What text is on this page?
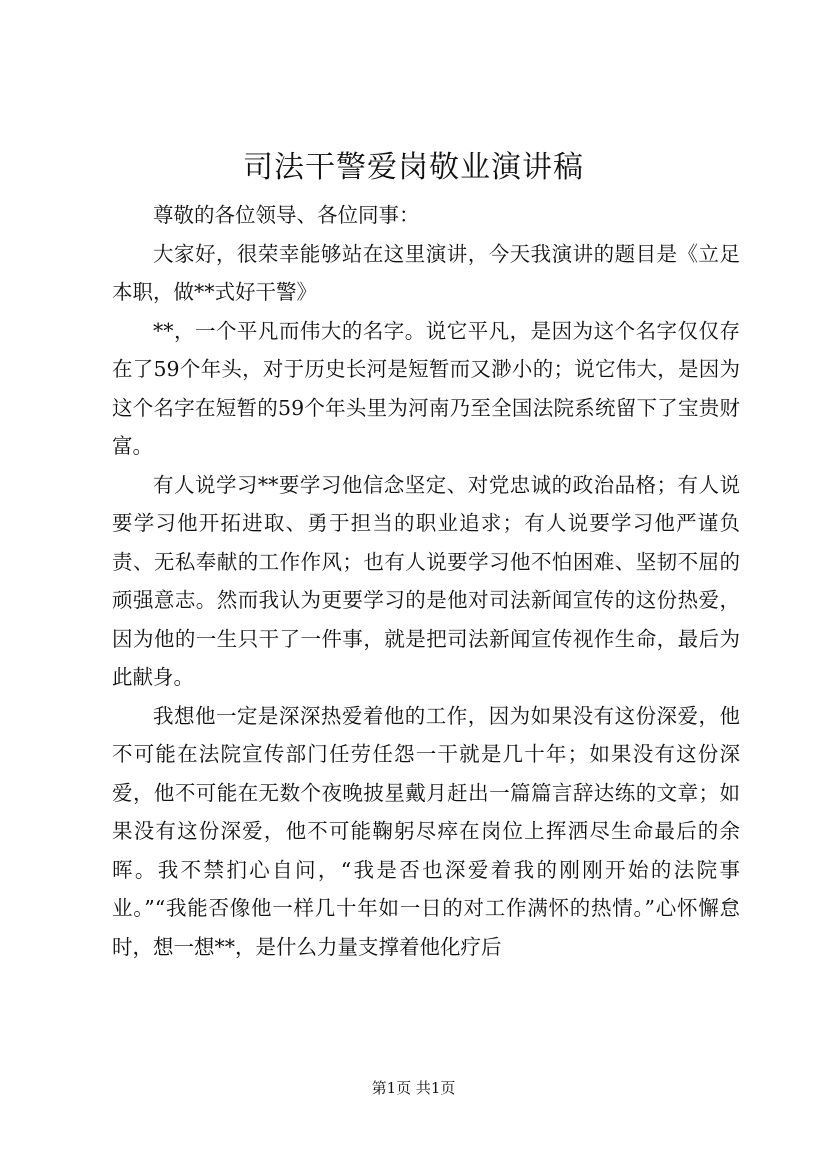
司法干警爱岗敬业演讲稿

尊敬的各位领导、各位同事：

大家好，很荣幸能够站在这里演讲，今天我演讲的题目是《立足本职，做**式好干警》

**，一个平凡而伟大的名字。说它平凡，是因为这个名字仅仅存在了59个年头，对于历史长河是短暂而又渺小的；说它伟大，是因为这个名字在短暂的59个年头里为河南乃至全国法院系统留下了宝贵财富。

有人说学习**要学习他信念坚定、对党忠诚的政治品格；有人说要学习他开拓进取、勇于担当的职业追求；有人说要学习他严谨负责、无私奉献的工作作风；也有人说要学习他不怕困难、坚韧不屈的顽强意志。然而我认为更要学习的是他对司法新闻宣传的这份热爱，因为他的一生只干了一件事，就是把司法新闻宣传视作生命，最后为此献身。

我想他一定是深深热爱着他的工作，因为如果没有这份深爱，他不可能在法院宣传部门任劳任怨一干就是几十年；如果没有这份深爱，他不可能在无数个夜晚披星戴月赶出一篇篇言辞达练的文章；如果没有这份深爱，他不可能鞠躬尽瘁在岗位上挥洒尽生命最后的余晖。我不禁扪心自问，“我是否也深爱着我的刚刚开始的法院事业。”“我能否像他一样几十年如一日的对工作满怀的热情。”心怀懈怠时，想一想**，是什么力量支撑着他化疗后

第1页 共1页
